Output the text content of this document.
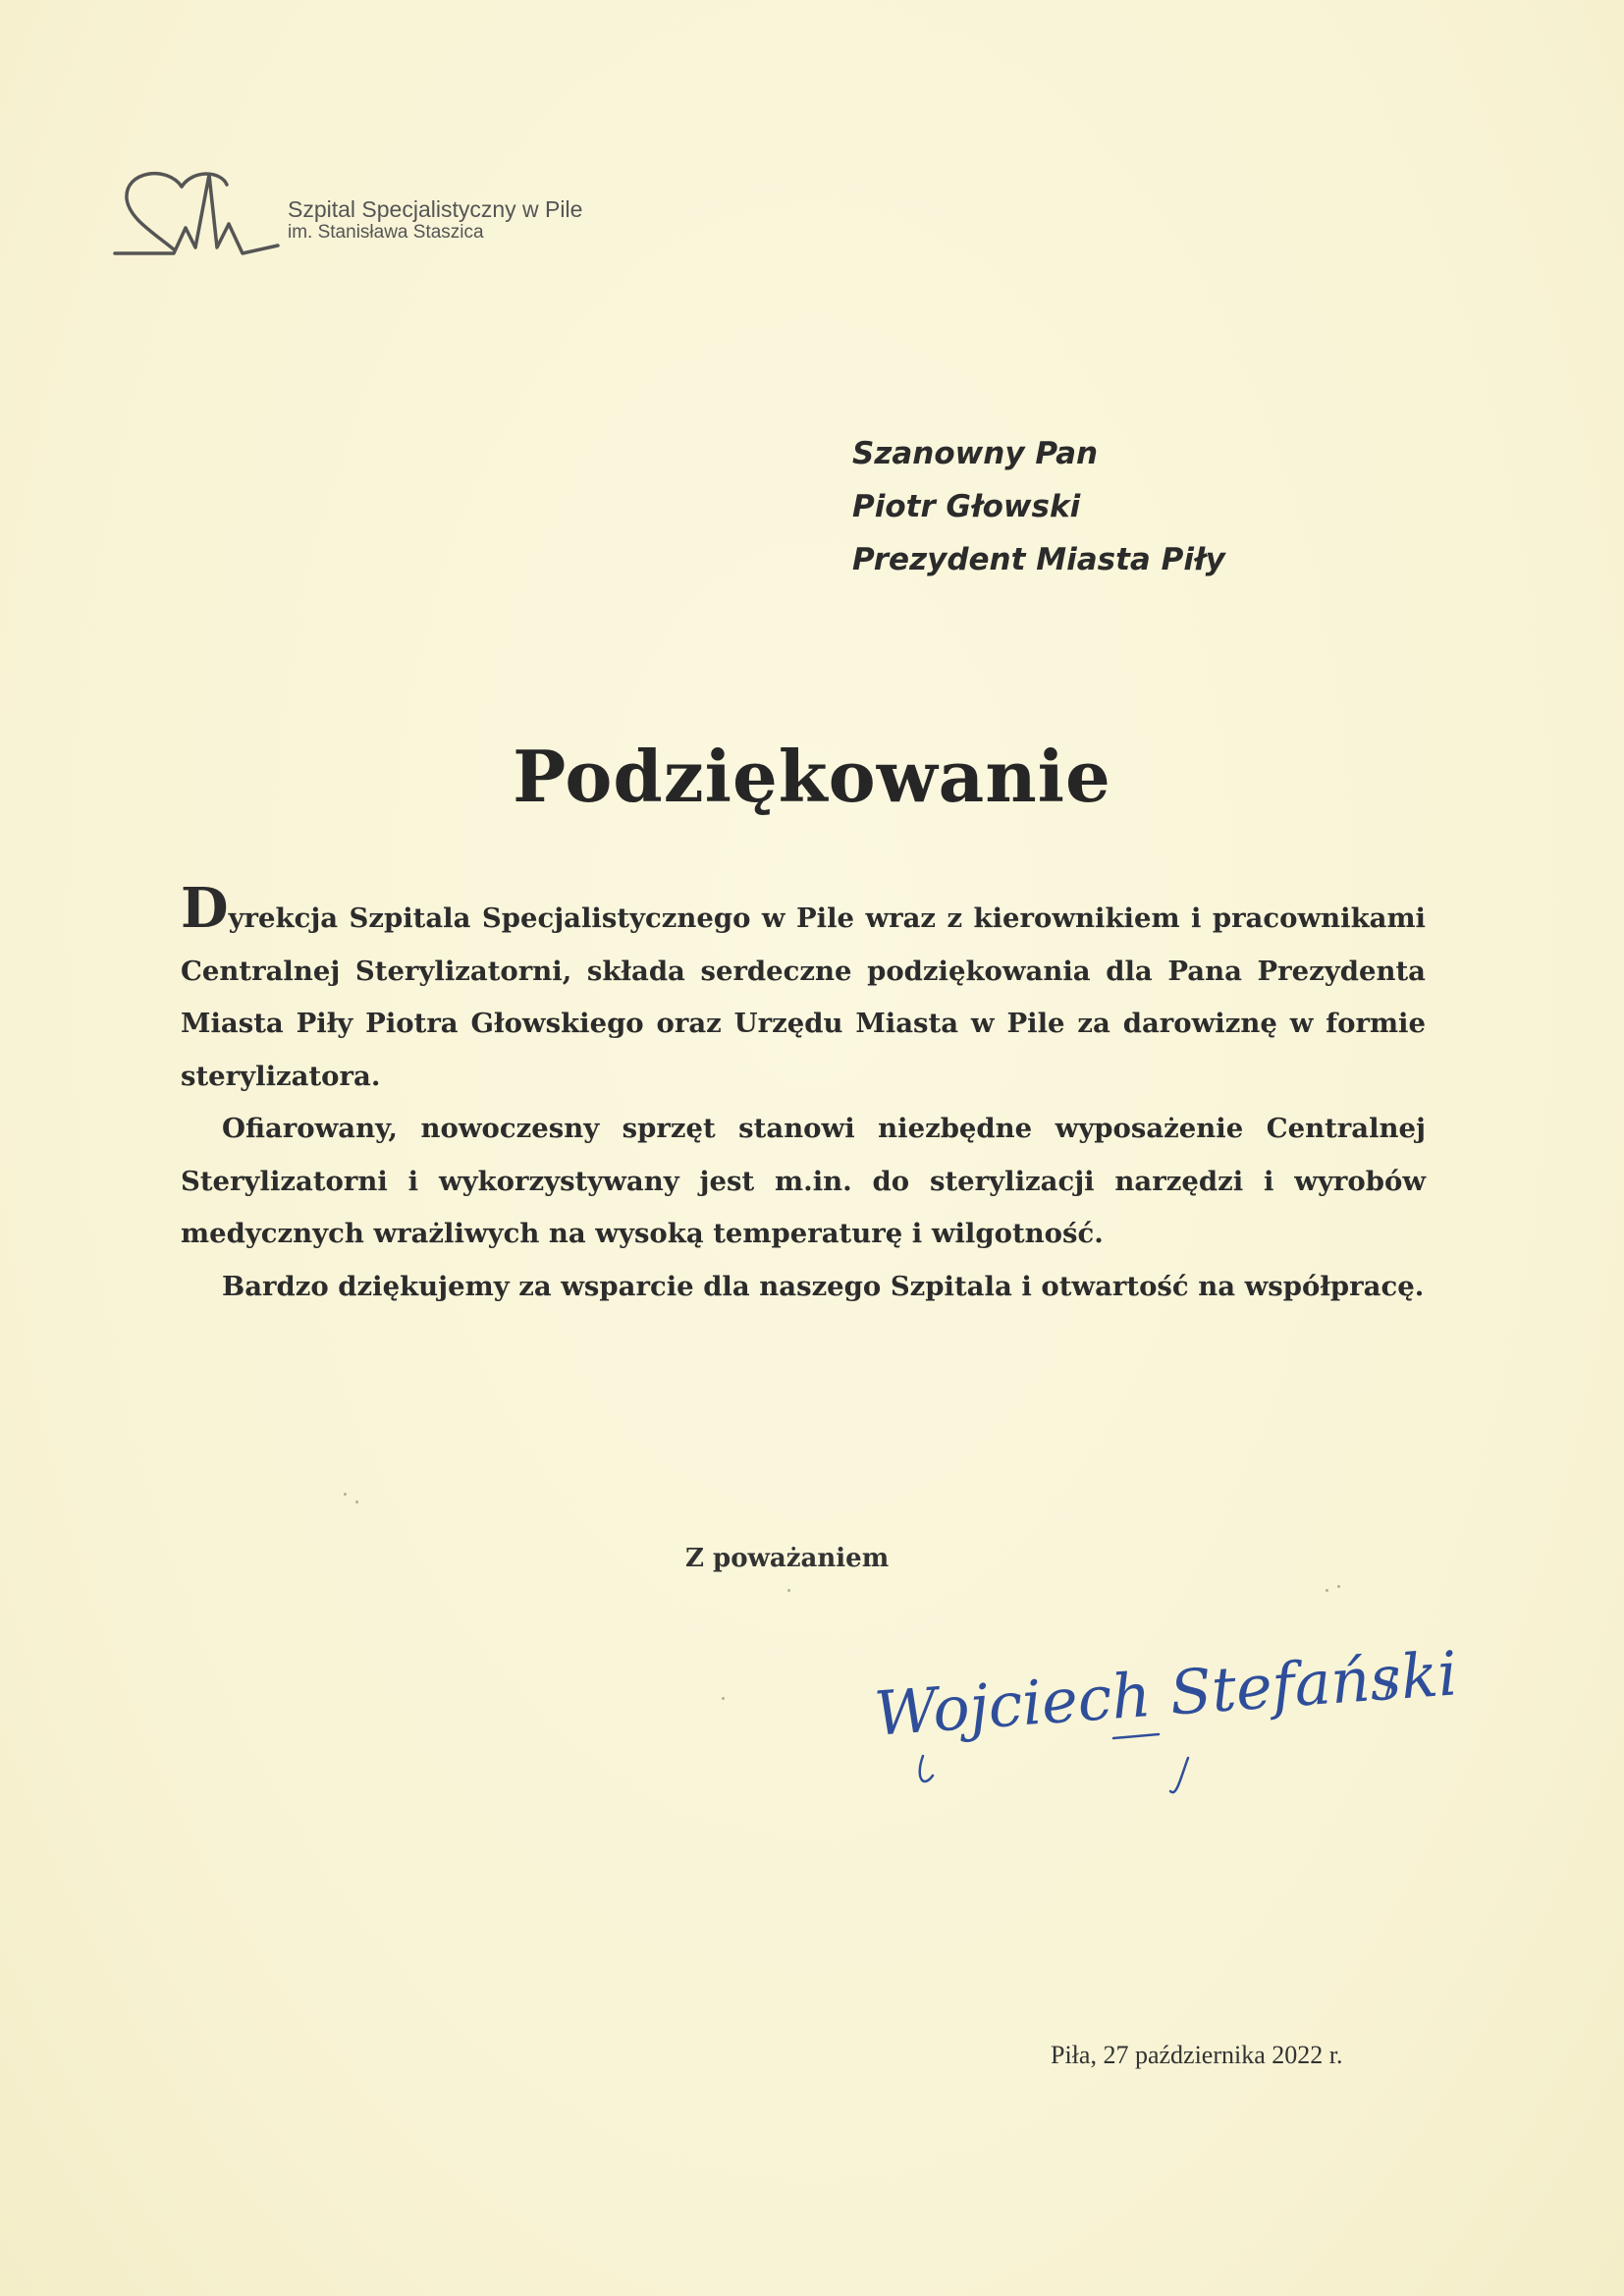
Szpital Specjalistyczny w Pile
im. Stanisława Staszica
Szanowny Pan
Piotr Głowski
Prezydent Miasta Piły
Podziękowanie

Dyrekcja Szpitala Specjalistycznego w Pile wraz z kierownikiem i pracownikami Centralnej Sterylizatorni, składa serdeczne podziękowania dla Pana Prezydenta Miasta Piły Piotra Głowskiego oraz Urzędu Miasta w Pile za darowiznę w formie sterylizatora.

Ofiarowany, nowoczesny sprzęt stanowi niezbędne wyposażenie Centralnej Sterylizatorni i wykorzystywany jest m.in. do sterylizacji narzędzi i wyrobów medycznych wrażliwych na wysoką temperaturę i wilgotność.

Bardzo dziękujemy za wsparcie dla naszego Szpitala i otwartość na współpracę.

Z poważaniem
Wojciech Stefański
Piła, 27 października 2022 r.
